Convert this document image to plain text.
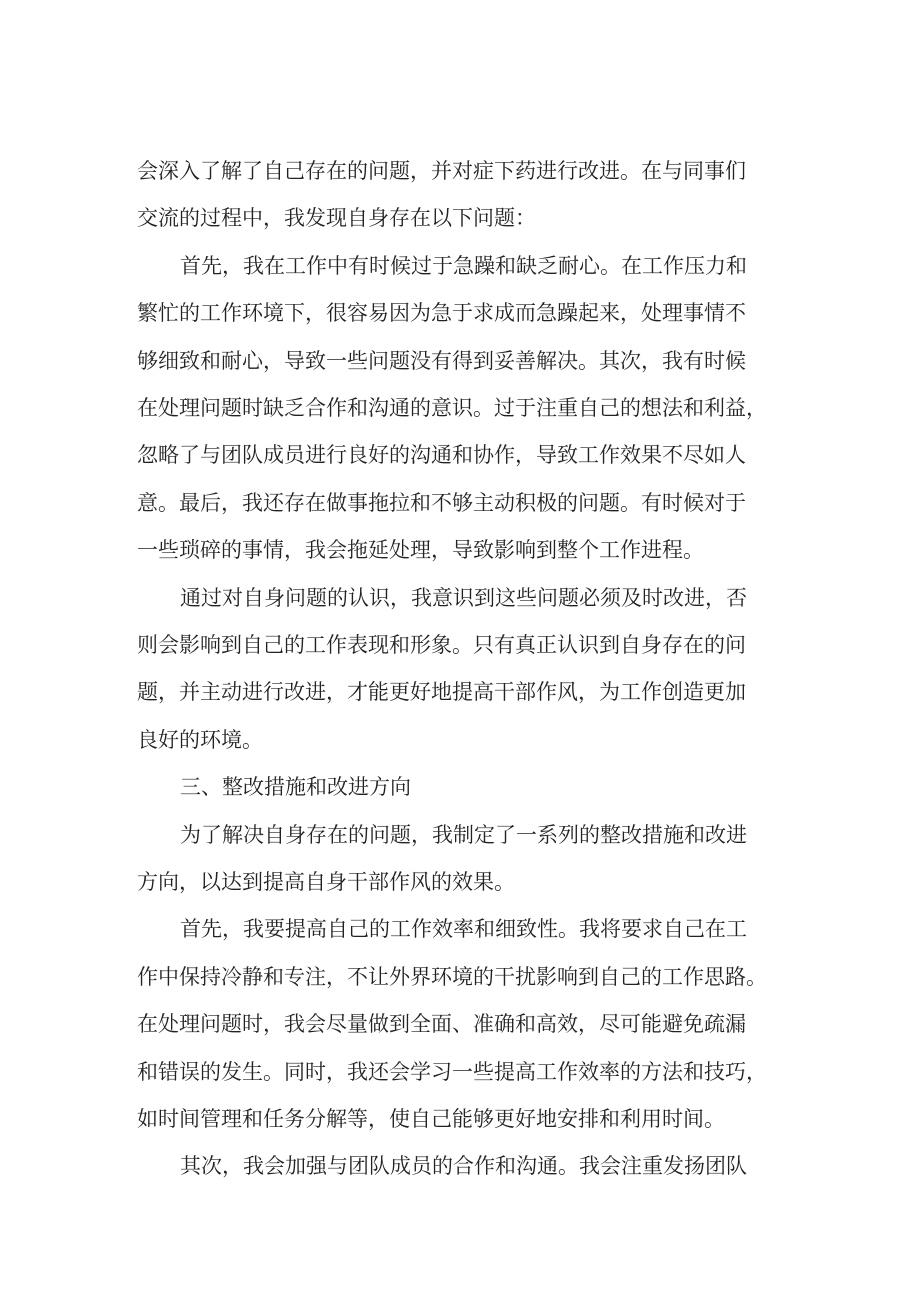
会深入了解了自己存在的问题，并对症下药进行改进。在与同事们
交流的过程中，我发现自身存在以下问题：
首先，我在工作中有时候过于急躁和缺乏耐心。在工作压力和
繁忙的工作环境下，很容易因为急于求成而急躁起来，处理事情不
够细致和耐心，导致一些问题没有得到妥善解决。其次，我有时候
在处理问题时缺乏合作和沟通的意识。过于注重自己的想法和利益，
忽略了与团队成员进行良好的沟通和协作，导致工作效果不尽如人
意。最后，我还存在做事拖拉和不够主动积极的问题。有时候对于
一些琐碎的事情，我会拖延处理，导致影响到整个工作进程。
通过对自身问题的认识，我意识到这些问题必须及时改进，否
则会影响到自己的工作表现和形象。只有真正认识到自身存在的问
题，并主动进行改进，才能更好地提高干部作风，为工作创造更加
良好的环境。
三、整改措施和改进方向
为了解决自身存在的问题，我制定了一系列的整改措施和改进
方向，以达到提高自身干部作风的效果。
首先，我要提高自己的工作效率和细致性。我将要求自己在工
作中保持冷静和专注，不让外界环境的干扰影响到自己的工作思路。
在处理问题时，我会尽量做到全面、准确和高效，尽可能避免疏漏
和错误的发生。同时，我还会学习一些提高工作效率的方法和技巧，
如时间管理和任务分解等，使自己能够更好地安排和利用时间。
其次，我会加强与团队成员的合作和沟通。我会注重发扬团队
